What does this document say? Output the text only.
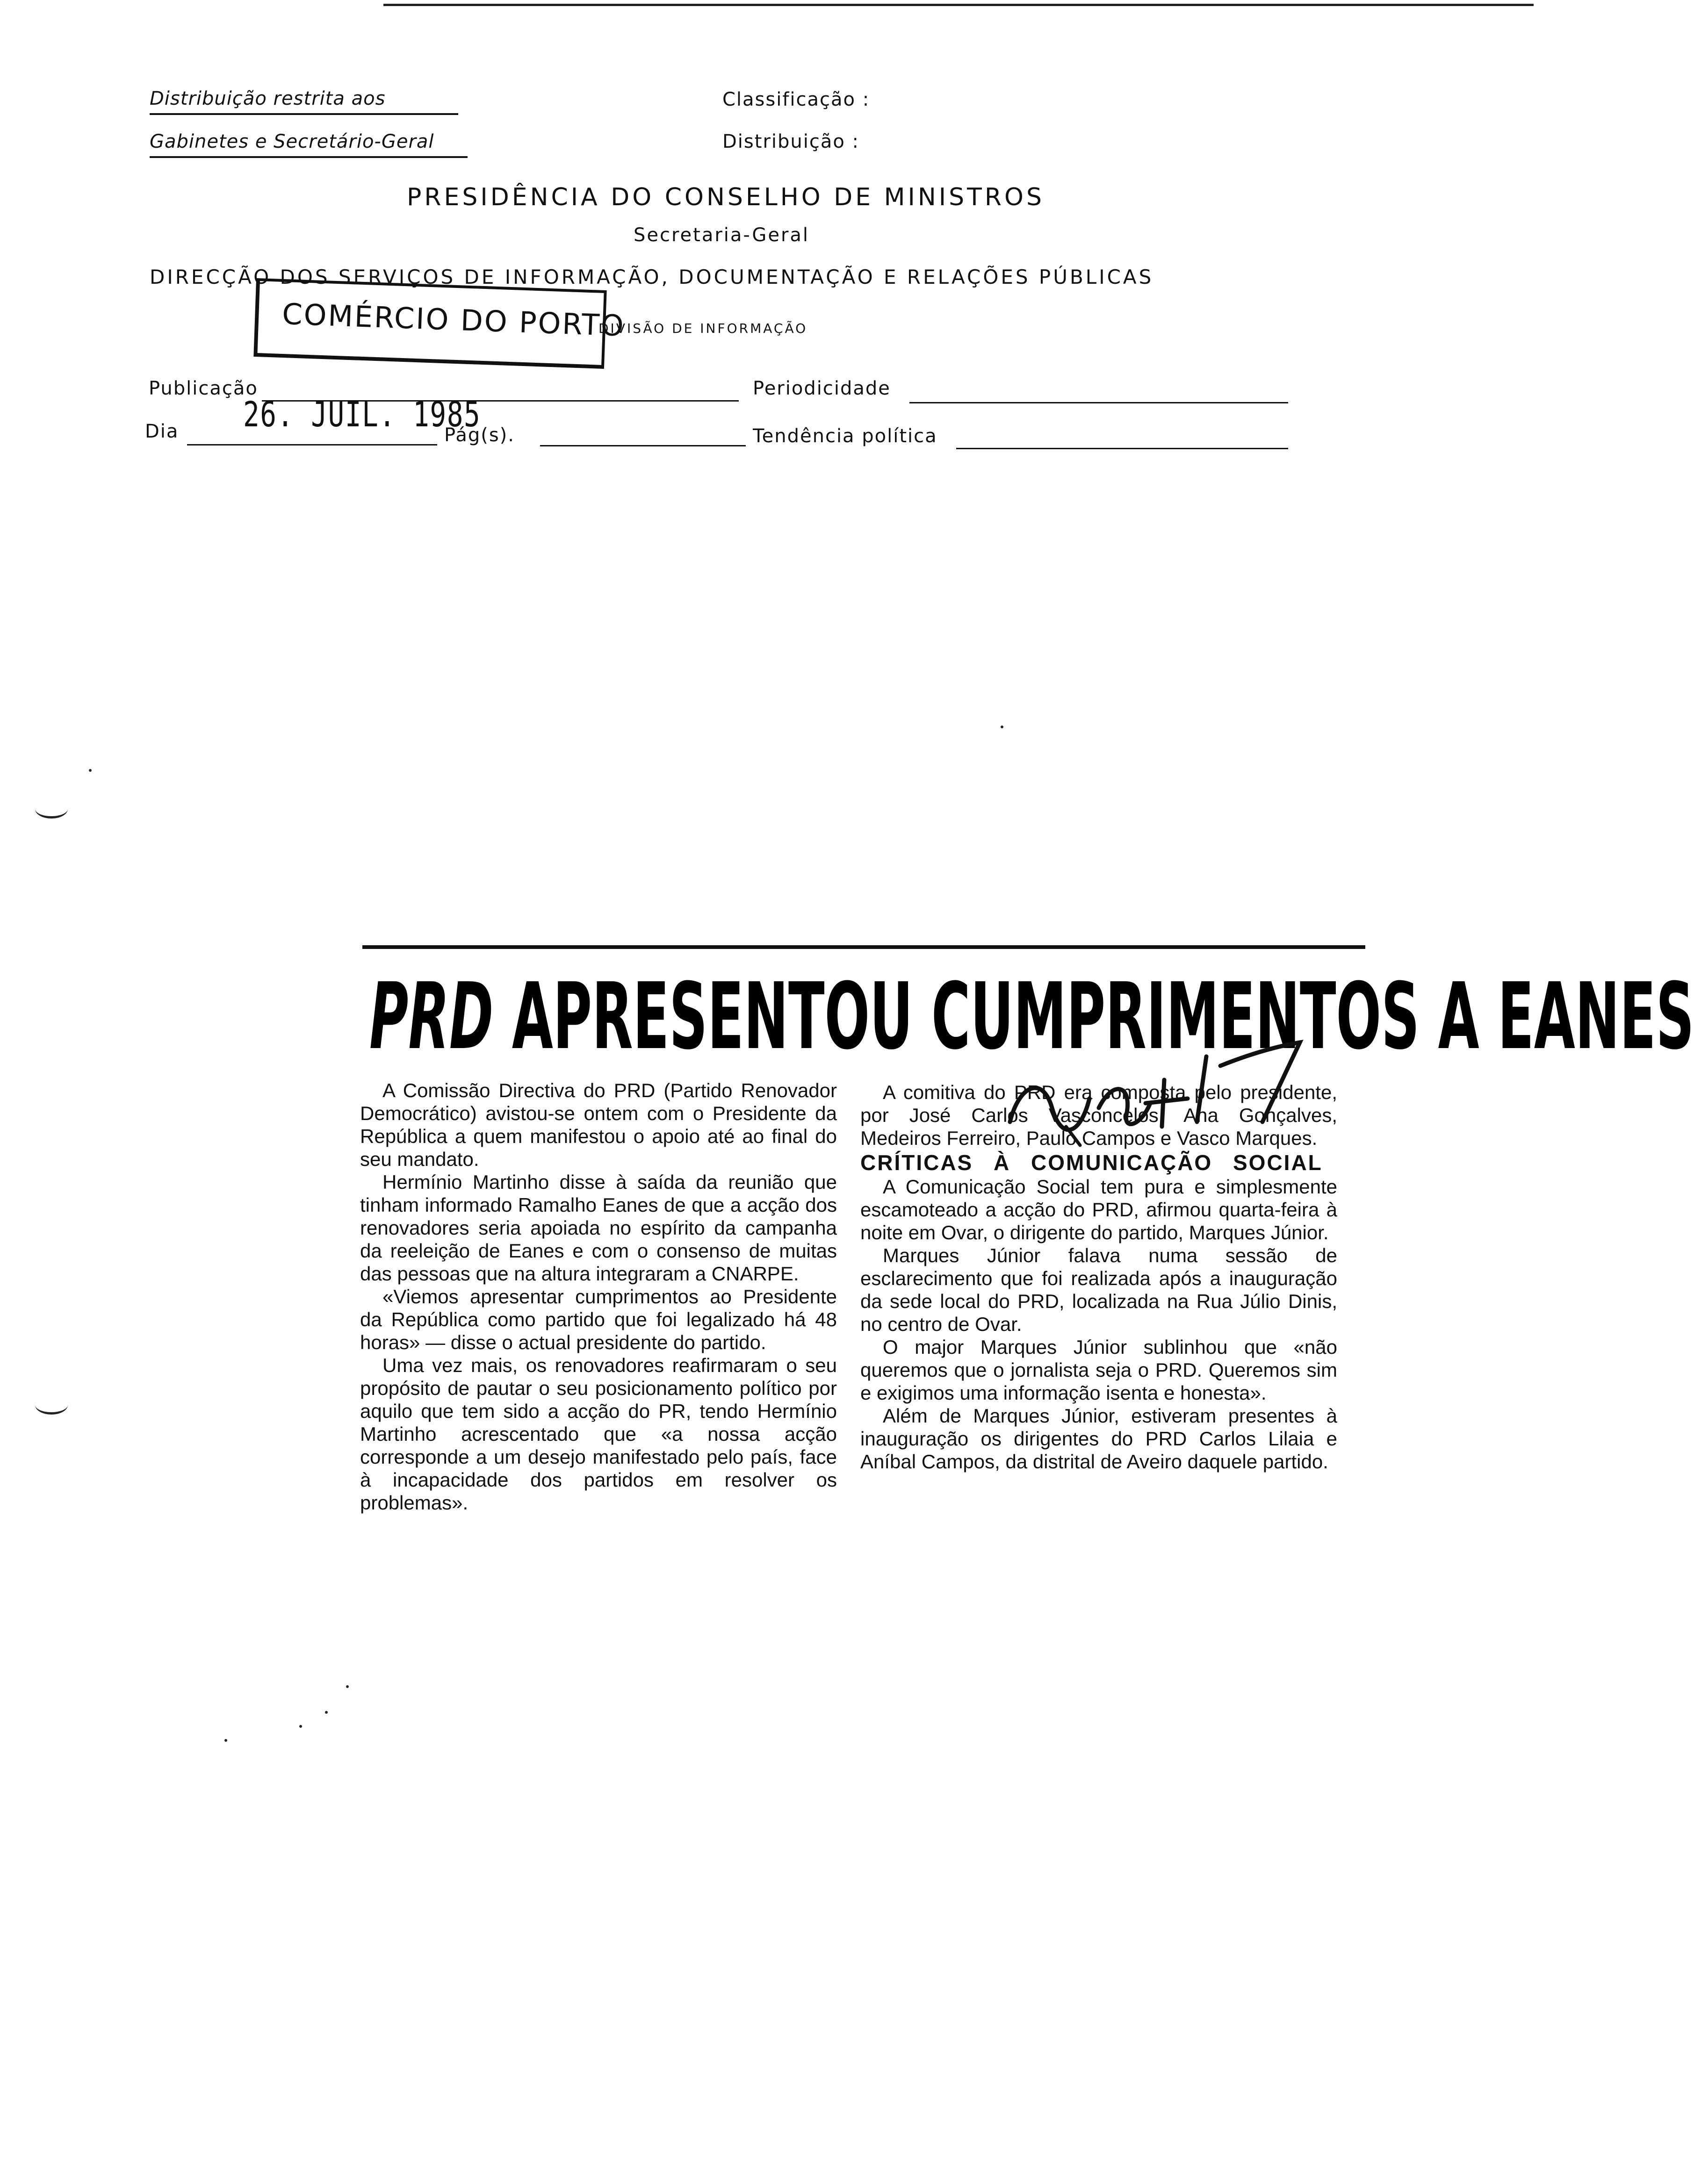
Distribuição restrita aos
Gabinetes e Secretário-Geral
Classificação :
Distribuição :
PRESIDÊNCIA DO CONSELHO DE MINISTROS
Secretaria-Geral
DIRECÇÃO DOS SERVIÇOS DE INFORMAÇÃO, DOCUMENTAÇÃO E RELAÇÕES PÚBLICAS
DIVISÃO DE INFORMAÇÃO
COMÉRCIO DO PORTO
Publicação	Periodicidade
26. JUIL. 1985
Dia	Pág(s).	Tendência política
PRD APRESENTOU CUMPRIMENTOS A EANES

A Comissão Directiva do PRD (Partido Renovador Democrático) avistou-se ontem com o Presidente da República a quem manifestou o apoio até ao final do seu mandato.

Hermínio Martinho disse à saída da reunião que tinham informado Ramalho Eanes de que a acção dos renovadores seria apoiada no espírito da campanha da reeleição de Eanes e com o consenso de muitas das pessoas que na altura integraram a CNARPE.

«Viemos apresentar cumprimentos ao Presidente da República como partido que foi legalizado há 48 horas» — disse o actual presidente do partido.

Uma vez mais, os renovadores reafirmaram o seu propósito de pautar o seu posicionamento político por aquilo que tem sido a acção do PR, tendo Hermínio Martinho acrescentado que «a nossa acção corresponde a um desejo manifestado pelo país, face à incapacidade dos partidos em resolver os problemas».

A comitiva do PRD era composta pelo presidente, por José Carlos Vasconcelos, Ana Gonçalves, Medeiros Ferreiro, Paulo Campos e Vasco Marques.

CRÍTICAS À COMUNICAÇÃO SOCIAL

A Comunicação Social tem pura e simplesmente escamoteado a acção do PRD, afirmou quarta-feira à noite em Ovar, o dirigente do partido, Marques Júnior.

Marques Júnior falava numa sessão de esclarecimento que foi realizada após a inauguração da sede local do PRD, localizada na Rua Júlio Dinis, no centro de Ovar.

O major Marques Júnior sublinhou que «não queremos que o jornalista seja o PRD. Queremos sim e exigimos uma informação isenta e honesta».

Além de Marques Júnior, estiveram presentes à inauguração os dirigentes do PRD Carlos Lilaia e Aníbal Campos, da distrital de Aveiro daquele partido.
